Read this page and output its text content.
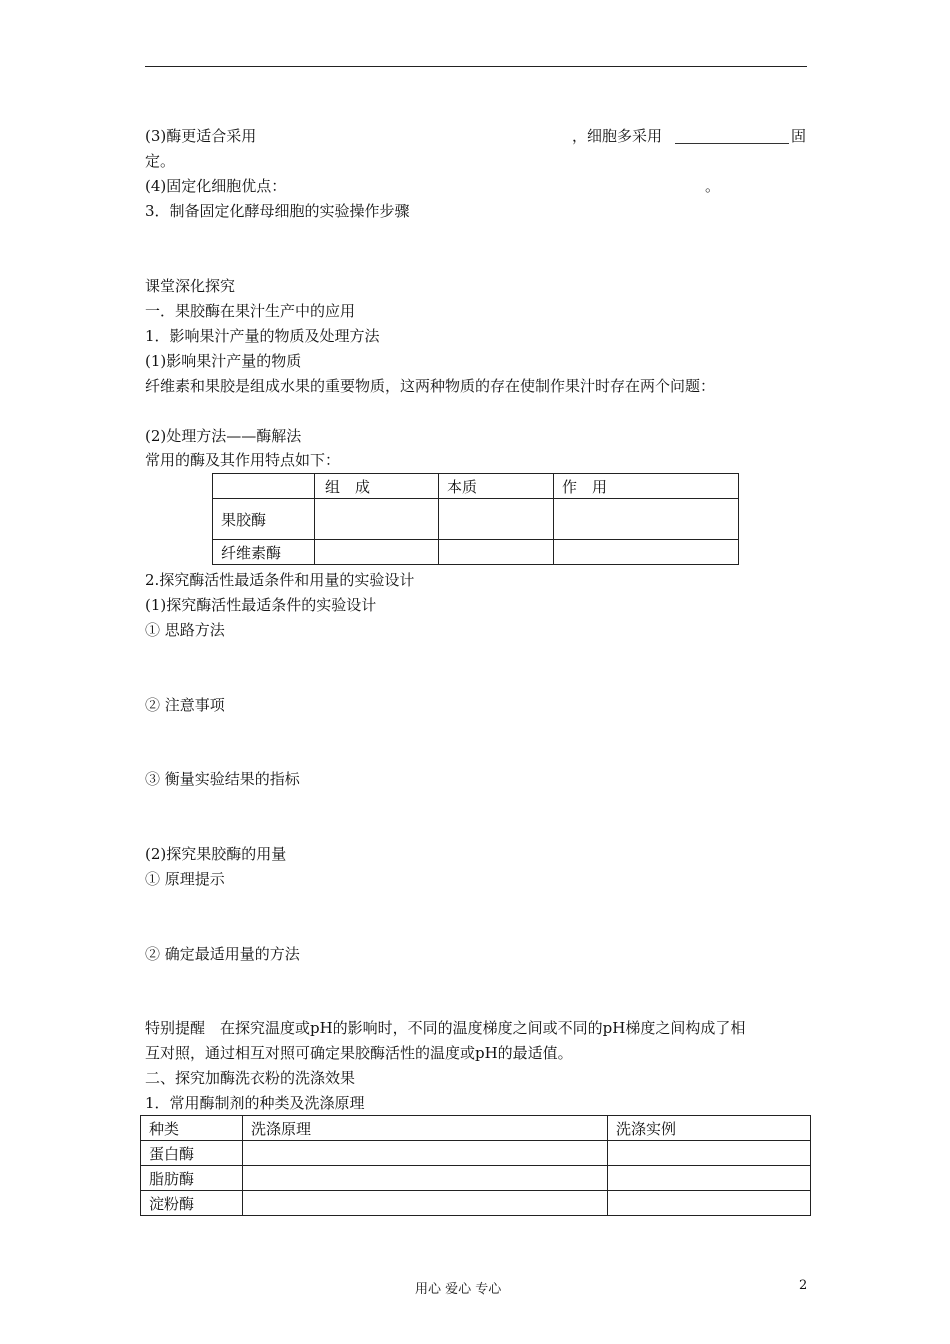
(3)酶更适合采用	，细胞多采用	固
定。
(4)固定化细胞优点：	。
3．制备固定化酵母细胞的实验操作步骤
课堂深化探究
一．果胶酶在果汁生产中的应用
1．影响果汁产量的物质及处理方法
(1)影响果汁产量的物质
纤维素和果胶是组成水果的重要物质，这两种物质的存在使制作果汁时存在两个问题：
(2)处理方法——酶解法
常用的酶及其作用特点如下：
	组　成	本质	作　用
果胶酶			
纤维素酶			
2.探究酶活性最适条件和用量的实验设计
(1)探究酶活性最适条件的实验设计
① 思路方法
② 注意事项
③ 衡量实验结果的指标
(2)探究果胶酶的用量
① 原理提示
② 确定最适用量的方法
特别提醒　在探究温度或pH的影响时，不同的温度梯度之间或不同的pH梯度之间构成了相
互对照，通过相互对照可确定果胶酶活性的温度或pH的最适值。
二、探究加酶洗衣粉的洗涤效果
1．常用酶制剂的种类及洗涤原理
种类	洗涤原理	洗涤实例
蛋白酶		
脂肪酶		
淀粉酶		
用心 爱心 专心	2
